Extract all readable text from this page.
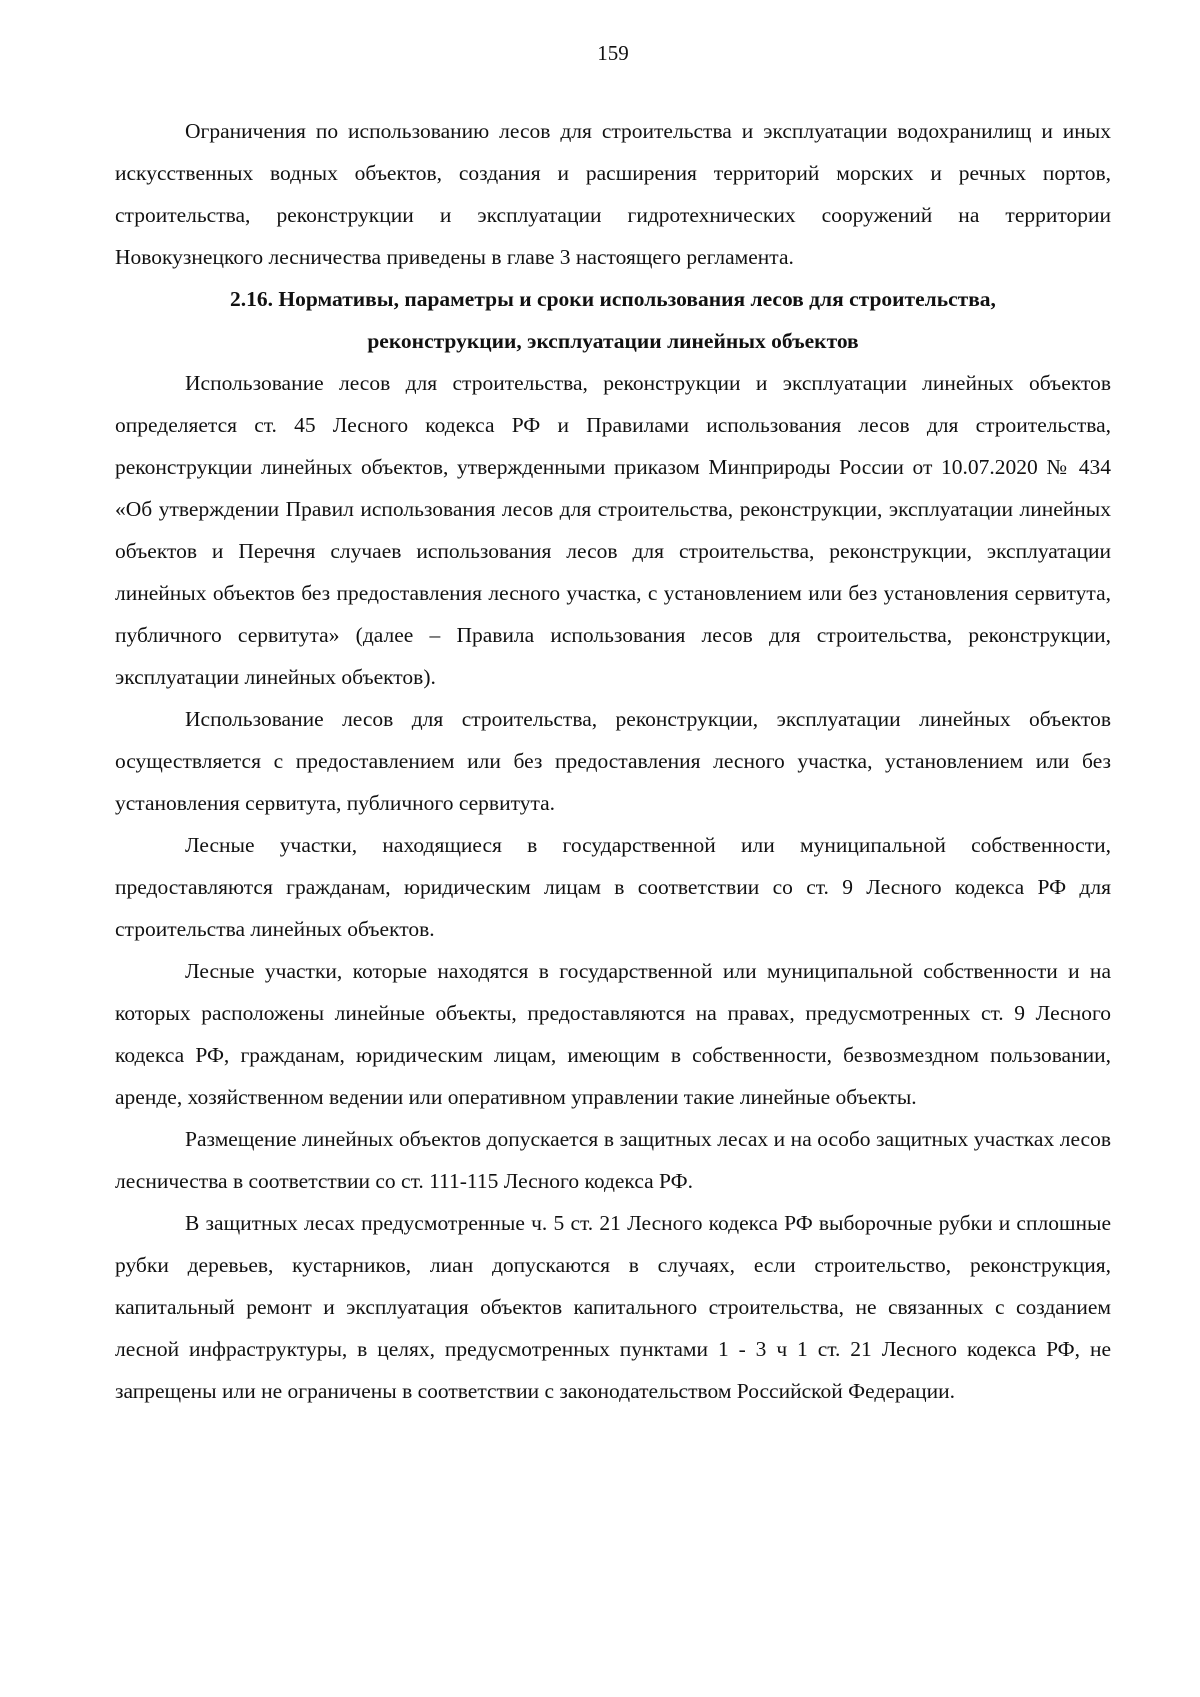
159

Ограничения по использованию лесов для строительства и эксплуатации водохранилищ и иных искусственных водных объектов, создания и расширения территорий морских и речных портов, строительства, реконструкции и эксплуатации гидротехнических сооружений на территории Новокузнецкого лесничества приведены в главе 3 настоящего регламента.

2.16. Нормативы, параметры и сроки использования лесов для строительства,
реконструкции, эксплуатации линейных объектов

Использование лесов для строительства, реконструкции и эксплуатации линейных объектов определяется ст. 45 Лесного кодекса РФ и Правилами использования лесов для строительства, реконструкции линейных объектов, утвержденными приказом Минприроды России от 10.07.2020 № 434 «Об утверждении Правил использования лесов для строительства, реконструкции, эксплуатации линейных объектов и Перечня случаев использования лесов для строительства, реконструкции, эксплуатации линейных объектов без предоставления лесного участка, с установлением или без установления сервитута, публичного сервитута» (далее – Правила использования лесов для строительства, реконструкции, эксплуатации линейных объектов).

Использование лесов для строительства, реконструкции, эксплуатации линейных объектов осуществляется с предоставлением или без предоставления лесного участка, установлением или без установления сервитута, публичного сервитута.

Лесные участки, находящиеся в государственной или муниципальной собственности, предоставляются гражданам, юридическим лицам в соответствии со ст. 9 Лесного кодекса РФ для строительства линейных объектов.

Лесные участки, которые находятся в государственной или муниципальной собственности и на которых расположены линейные объекты, предоставляются на правах, предусмотренных ст. 9 Лесного кодекса РФ, гражданам, юридическим лицам, имеющим в собственности, безвозмездном пользовании, аренде, хозяйственном ведении или оперативном управлении такие линейные объекты.

Размещение линейных объектов допускается в защитных лесах и на особо защитных участках лесов лесничества в соответствии со ст. 111-115 Лесного кодекса РФ.

В защитных лесах предусмотренные ч. 5 ст. 21 Лесного кодекса РФ выборочные рубки и сплошные рубки деревьев, кустарников, лиан допускаются в случаях, если строительство, реконструкция, капитальный ремонт и эксплуатация объектов капитального строительства, не связанных с созданием лесной инфраструктуры, в целях, предусмотренных пунктами 1 - 3 ч 1 ст. 21 Лесного кодекса РФ, не запрещены или не ограничены в соответствии с законодательством Российской Федерации.
